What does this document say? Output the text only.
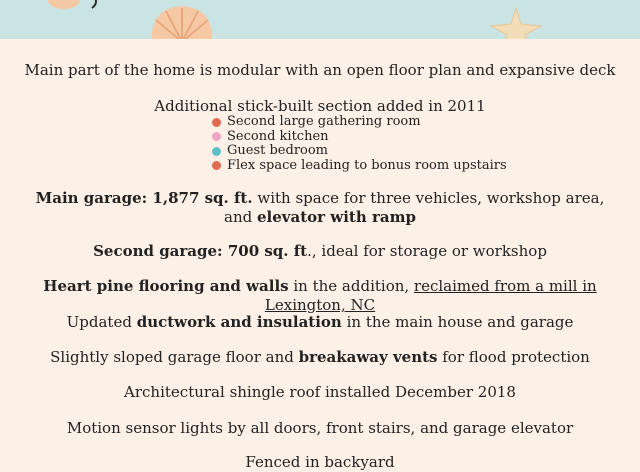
Main part of the home is modular with an open floor plan and expansive deck

Additional stick-built section added in 2011

Second large gathering room
Second kitchen
Guest bedroom
Flex space leading to bonus room upstairs

Main garage: 1,877 sq. ft. with space for three vehicles, workshop area, and elevator with ramp

Second garage: 700 sq. ft., ideal for storage or workshop

Heart pine flooring and walls in the addition, reclaimed from a mill in Lexington, NC

Updated ductwork and insulation in the main house and garage

Slightly sloped garage floor and breakaway vents for flood protection

Architectural shingle roof installed December 2018

Motion sensor lights by all doors, front stairs, and garage elevator

Fenced in backyard
